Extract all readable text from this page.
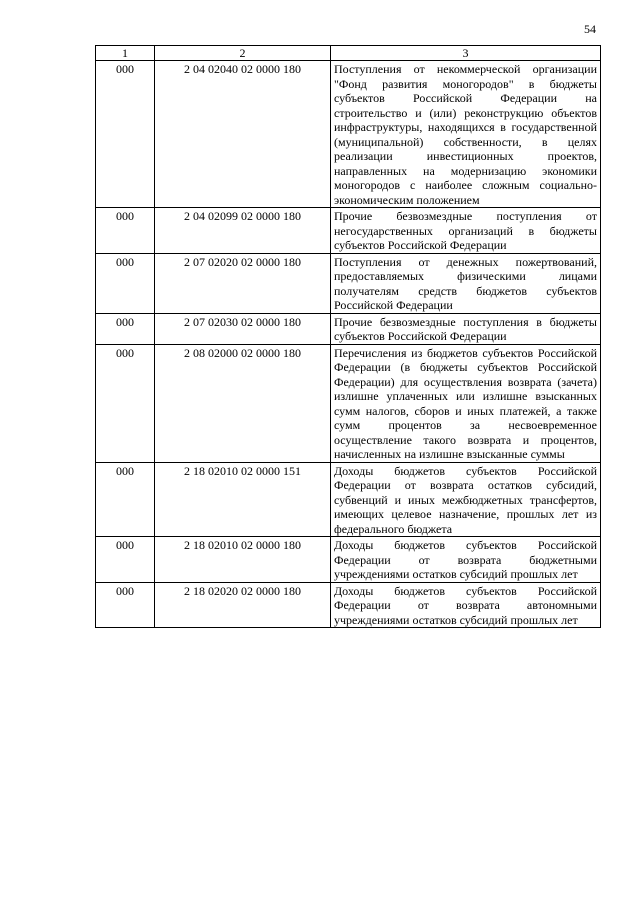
54
1	2	3
000	2 04 02040 02 0000 180	Поступления от некоммерческой организации "Фонд развития моногородов" в бюджеты субъектов Российской Федерации на строительство и (или) реконструкцию объектов инфраструктуры, находящихся в государственной (муниципальной) собственности, в целях реализации инвестиционных проектов, направленных на модернизацию экономики моногородов с наиболее сложным социально-экономическим положением
000	2 04 02099 02 0000 180	Прочие безвозмездные поступления от негосударственных организаций в бюджеты субъектов Российской Федерации
000	2 07 02020 02 0000 180	Поступления от денежных пожертвований, предоставляемых физическими лицами получателям средств бюджетов субъектов Российской Федерации
000	2 07 02030 02 0000 180	Прочие безвозмездные поступления в бюджеты субъектов Российской Федерации
000	2 08 02000 02 0000 180	Перечисления из бюджетов субъектов Российской Федерации (в бюджеты субъектов Российской Федерации) для осуществления возврата (зачета) излишне уплаченных или излишне взысканных сумм налогов, сборов и иных платежей, а также сумм процентов за несвоевременное осуществление такого возврата и процентов, начисленных на излишне взысканные суммы
000	2 18 02010 02 0000 151	Доходы бюджетов субъектов Российской Федерации от возврата остатков субсидий, субвенций и иных межбюджетных трансфертов, имеющих целевое назначение, прошлых лет из федерального бюджета
000	2 18 02010 02 0000 180	Доходы бюджетов субъектов Российской Федерации от возврата бюджетными учреждениями остатков субсидий прошлых лет
000	2 18 02020 02 0000 180	Доходы бюджетов субъектов Российской Федерации от возврата автономными учреждениями остатков субсидий прошлых лет
